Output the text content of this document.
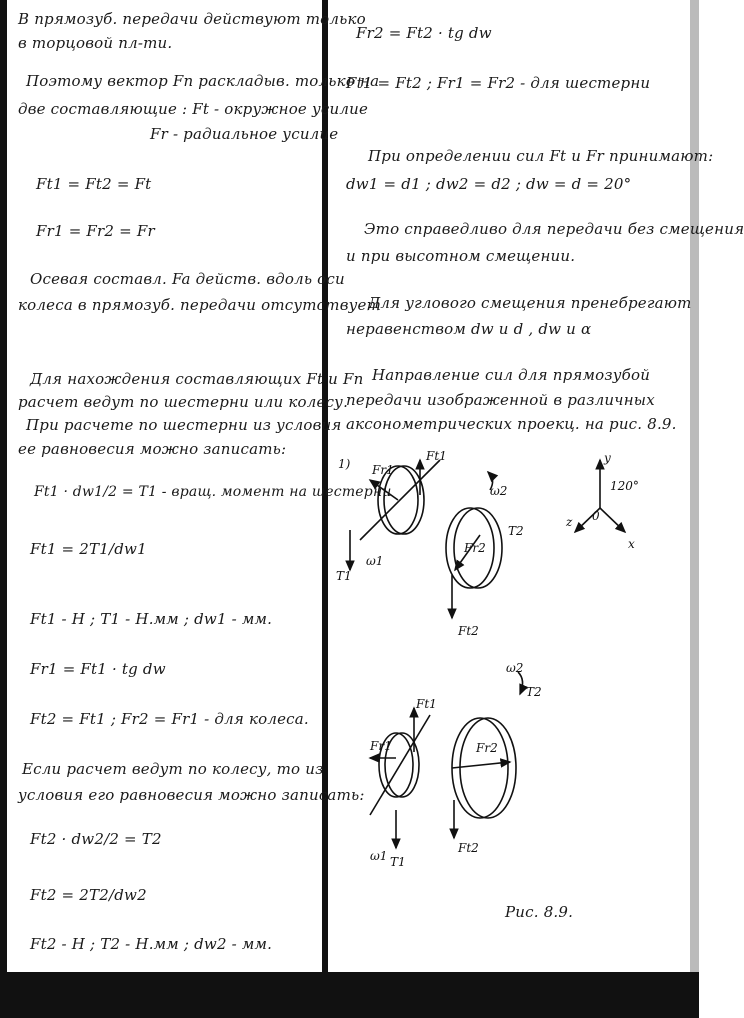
В прямозуб. передачи действуют только
в торцовой пл-ти.
Поэтому вектор Fn раскладыв. только на
две составляющие : Ft - окружное усилие
Fr - радиальное усилие
Ft1 = Ft2 = Ft
Fr1 = Fr2 = Fr
Осевая составл. Fa действ. вдоль оси
колеса в прямозуб. передачи отсутствует
Для нахождения составляющих Ft и Fn
расчет ведут по шестерни или колесу.
При расчете по шестерни из условия
ее равновесия можно записать:
Ft1 · dw1/2 = T1 - вращ. момент на шестерни
Ft1 = 2T1/dw1
Ft1 - Н ; T1 - Н.мм ; dw1 - мм.
Fr1 = Ft1 · tg dw
Ft2 = Ft1 ; Fr2 = Fr1 - для колеса.
Если расчет ведут по колесу, то из
условия его равновесия можно записать:
Ft2 · dw2/2 = T2
Ft2 = 2T2/dw2
Ft2 - Н ; T2 - Н.мм ; dw2 - мм.
Fr2 = Ft2 · tg dw
Ft1 = Ft2 ; Fr1 = Fr2 - для шестерни
При определении сил Ft и Fr принимают:
dw1 = d1 ; dw2 = d2 ; dw = d = 20°
Это справедливо для передачи без смещения
и при высотном смещении.
Для углового смещения пренебрегают
неравенством dw и d , dw и α
Направление сил для прямозубой
передачи изображенной в различных
аксонометрических проекц. на рис. 8.9.
1) Fr1
Ft1
T1
ω1
ω2
T2
Fr2
Ft2
y
z
x
0
120°
Fr1
Ft1
ω1 T1
Fr2
Ft2
ω2
T2
Рис. 8.9.
